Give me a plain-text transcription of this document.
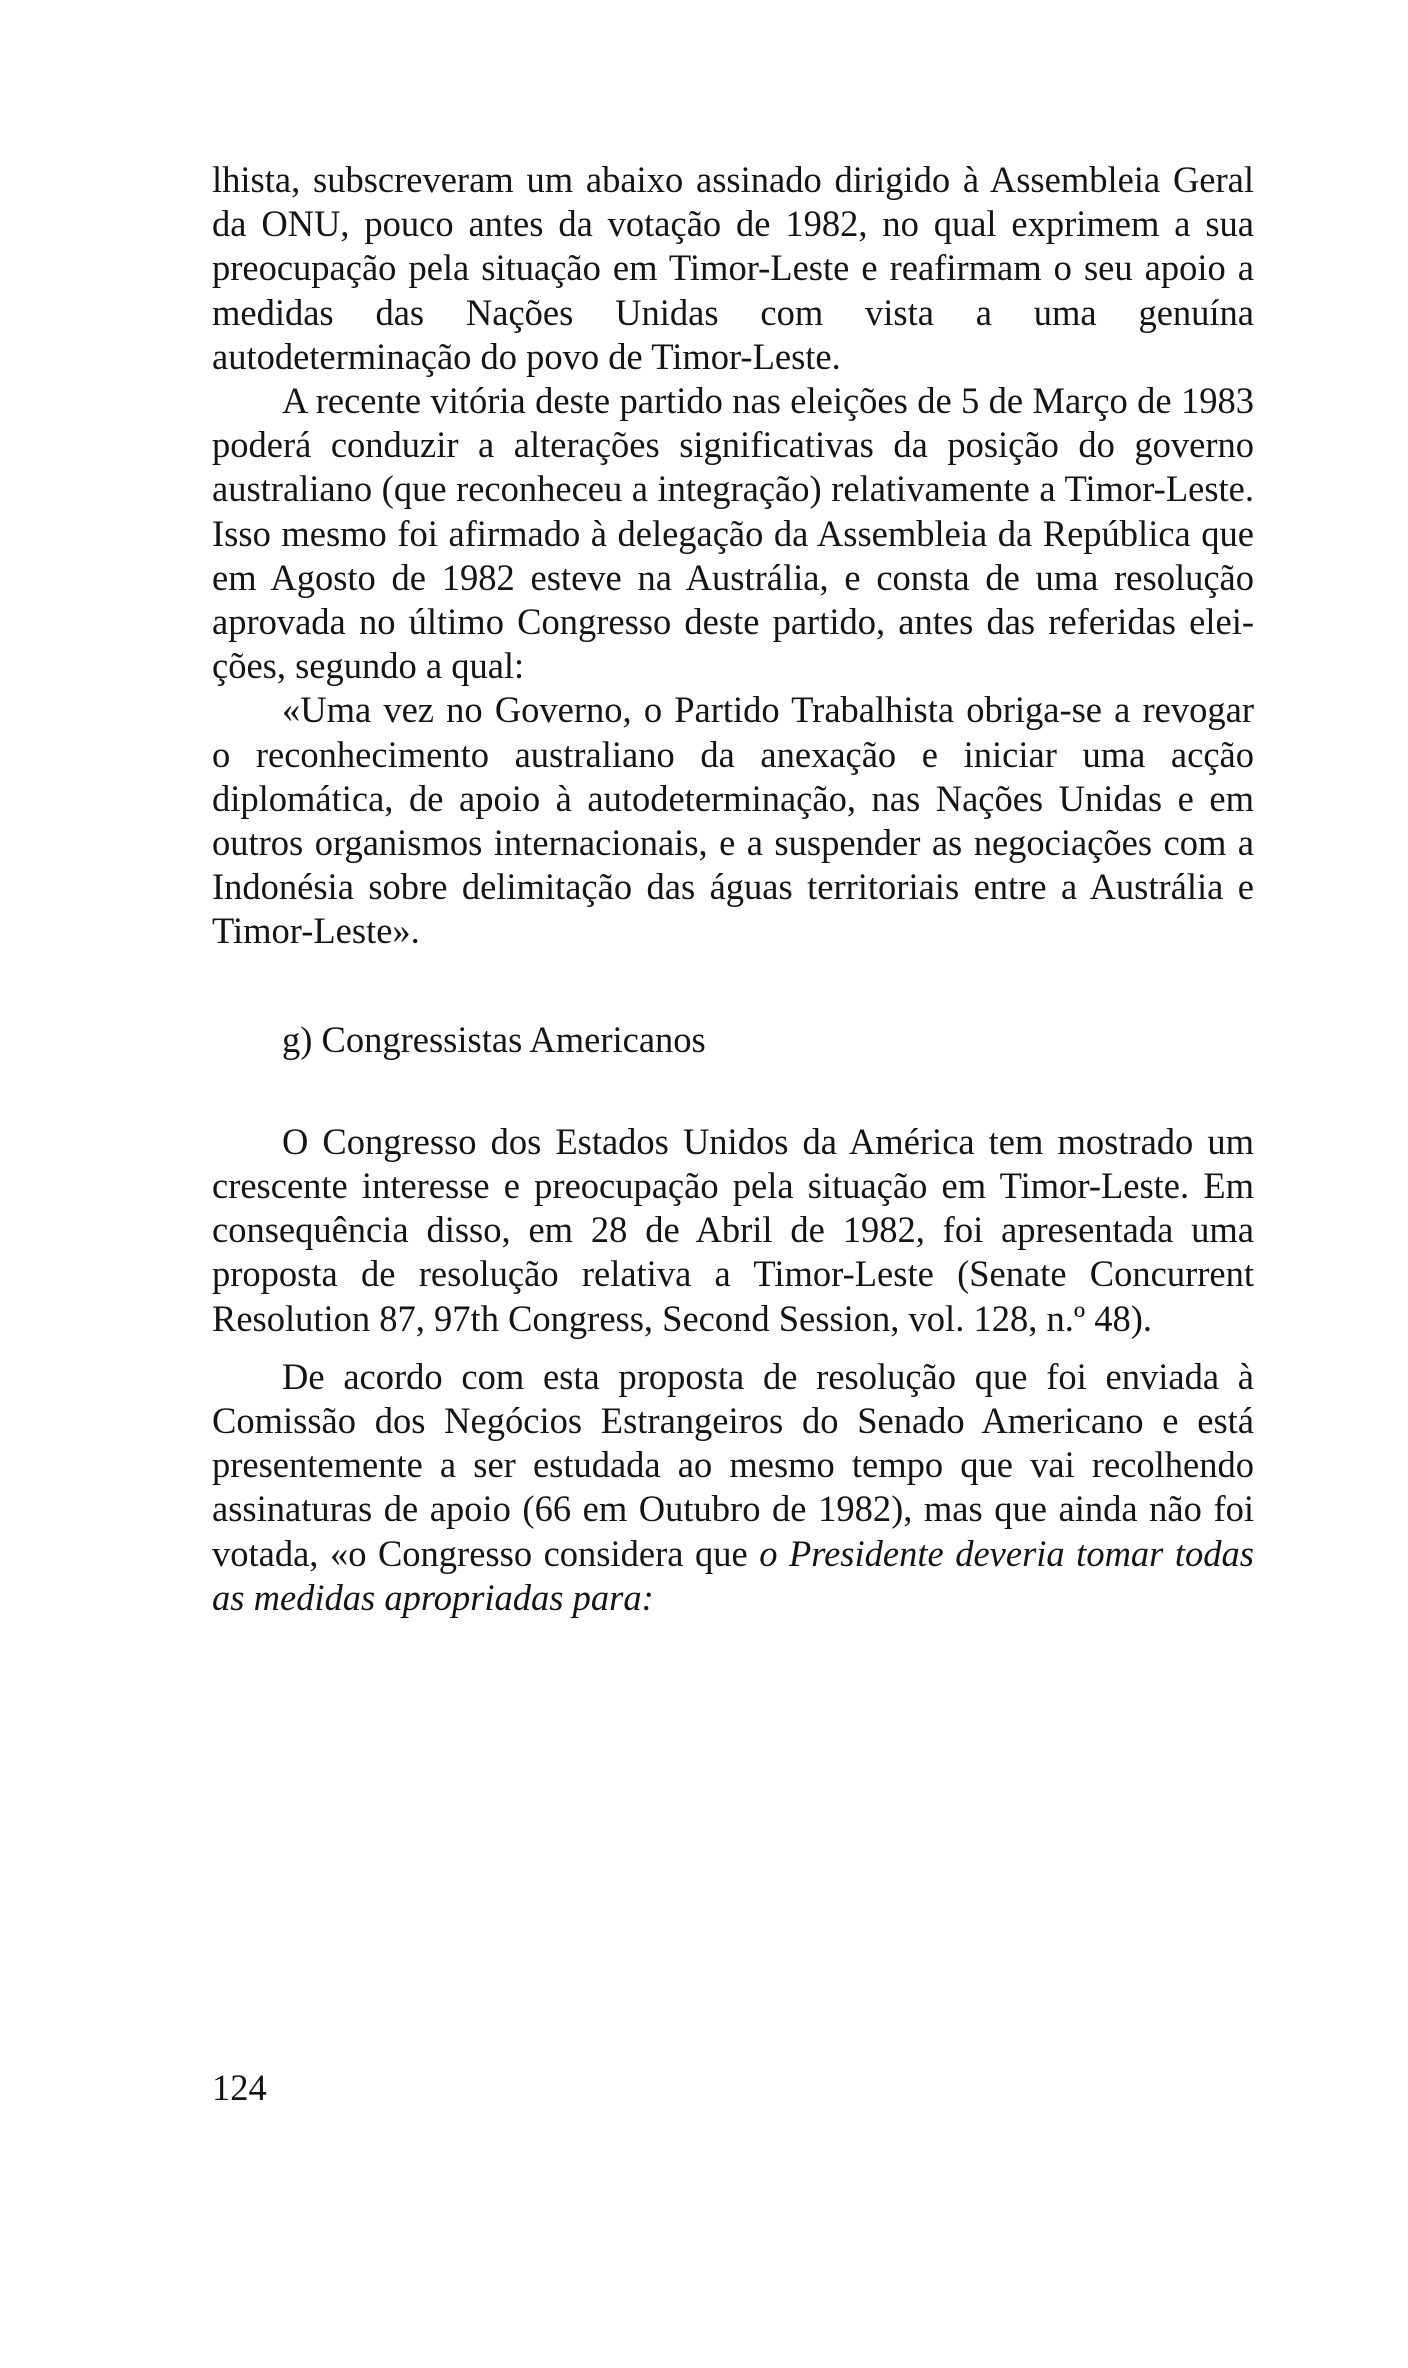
lhista, subscreveram um abaixo assinado dirigido à Assembleia Geral da ONU, pouco antes da votação de 1982, no qual exprimem a sua preocupação pela situação em Timor-Leste e reafirmam o seu apoio a medidas das Nações Unidas com vista a uma genuína autodeterminação do povo de Timor-Leste.

A recente vitória deste partido nas eleições de 5 de Março de 1983 poderá conduzir a alterações significativas da posição do governo australiano (que reconheceu a integração) relativamente a Timor-Leste. Isso mesmo foi afirmado à delegação da Assembleia da República que em Agosto de 1982 esteve na Austrália, e consta de uma resolução aprovada no último Congresso deste partido, antes das referidas eleições, segundo a qual:

«Uma vez no Governo, o Partido Trabalhista obriga-se a revogar o reconhecimento australiano da anexação e iniciar uma acção diplomática, de apoio à autodeterminação, nas Nações Unidas e em outros organismos internacionais, e a suspender as negociações com a Indonésia sobre delimitação das águas territoriais entre a Austrália e Timor-Leste».

g) Congressistas Americanos

O Congresso dos Estados Unidos da América tem mostrado um crescente interesse e preocupação pela situação em Timor-Leste. Em consequência disso, em 28 de Abril de 1982, foi apresentada uma proposta de resolução relativa a Timor-Leste (Senate Concurrent Resolution 87, 97th Congress, Second Session, vol. 128, n.º 48).

De acordo com esta proposta de resolução que foi enviada à Comissão dos Negócios Estrangeiros do Senado Americano e está presentemente a ser estudada ao mesmo tempo que vai recolhendo assinaturas de apoio (66 em Outubro de 1982), mas que ainda não foi votada, «o Congresso considera que o Presidente deveria tomar todas as medidas apropriadas para:

124
